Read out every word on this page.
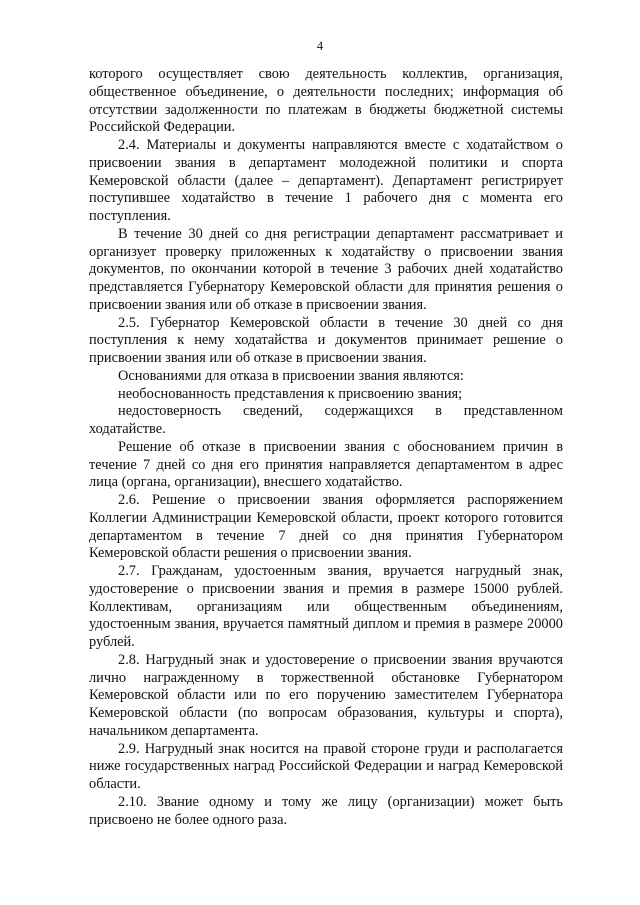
4

которого осуществляет свою деятельность коллектив, организация, общественное объединение, о деятельности последних; информация об отсутствии задолженности по платежам в бюджеты бюджетной системы Российской Федерации.

2.4. Материалы и документы направляются вместе с ходатайством о присвоении звания в департамент молодежной политики и спорта Кемеровской области (далее – департамент). Департамент регистрирует поступившее ходатайство в течение 1 рабочего дня с момента его поступления.

В течение 30 дней со дня регистрации департамент рассматривает и организует проверку приложенных к ходатайству о присвоении звания документов, по окончании которой в течение 3 рабочих дней ходатайство представляется Губернатору Кемеровской области для принятия решения о присвоении звания или об отказе в присвоении звания.

2.5. Губернатор Кемеровской области в течение 30 дней со дня поступления к нему ходатайства и документов принимает решение о присвоении звания или об отказе в присвоении звания.

Основаниями для отказа в присвоении звания являются:

необоснованность представления к присвоению звания;

недостоверность сведений, содержащихся в представленном ходатайстве.

Решение об отказе в присвоении звания с обоснованием причин в течение 7 дней со дня его принятия направляется департаментом в адрес лица (органа, организации), внесшего ходатайство.

2.6. Решение о присвоении звания оформляется распоряжением Коллегии Администрации Кемеровской области, проект которого готовится департаментом в течение 7 дней со дня принятия Губернатором Кемеровской области решения о присвоении звания.

2.7. Гражданам, удостоенным звания, вручается нагрудный знак, удостоверение о присвоении звания и премия в размере 15000 рублей. Коллективам, организациям или общественным объединениям, удостоенным звания, вручается памятный диплом и премия в размере 20000 рублей.

2.8. Нагрудный знак и удостоверение о присвоении звания вручаются лично награжденному в торжественной обстановке Губернатором Кемеровской области или по его поручению заместителем Губернатора Кемеровской области (по вопросам образования, культуры и спорта), начальником департамента.

2.9. Нагрудный знак носится на правой стороне груди и располагается ниже государственных наград Российской Федерации и наград Кемеровской области.

2.10. Звание одному и тому же лицу (организации) может быть присвоено не более одного раза.
